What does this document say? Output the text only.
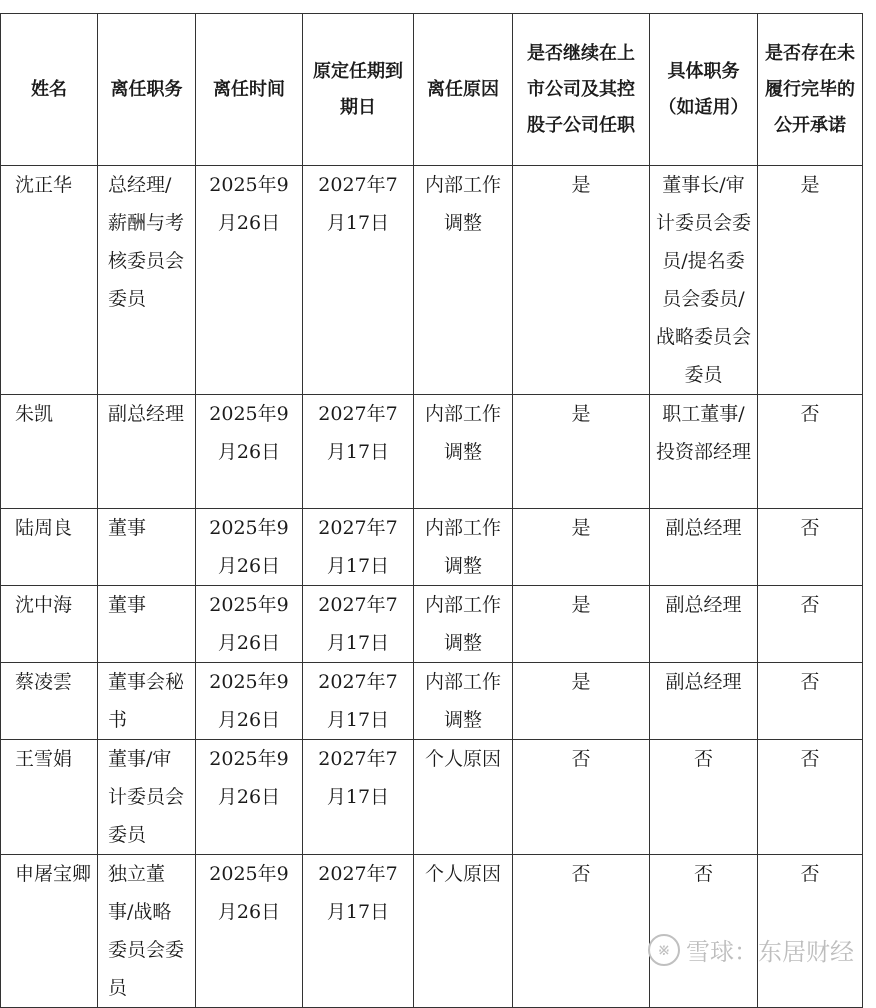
姓名	离任职务	离任时间	原定任期到期日	离任原因	是否继续在上市公司及其控股子公司任职	具体职务（如适用）	是否存在未履行完毕的公开承诺
沈正华	总经理/薪酬与考核委员会委员	2025年9月26日	2027年7月17日	内部工作调整	是	董事长/审计委员会委员/提名委员会委员/战略委员会委员	是
朱凯	副总经理	2025年9月26日	2027年7月17日	内部工作调整	是	职工董事/投资部经理	否
陆周良	董事	2025年9月26日	2027年7月17日	内部工作调整	是	副总经理	否
沈中海	董事	2025年9月26日	2027年7月17日	内部工作调整	是	副总经理	否
蔡凌雲	董事会秘书	2025年9月26日	2027年7月17日	内部工作调整	是	副总经理	否
王雪娟	董事/审计委员会委员	2025年9月26日	2027年7月17日	个人原因	否	否	否
申屠宝卿	独立董事/战略委员会委员	2025年9月26日	2027年7月17日	个人原因	否	否	否
※ 雪球：东居财经
